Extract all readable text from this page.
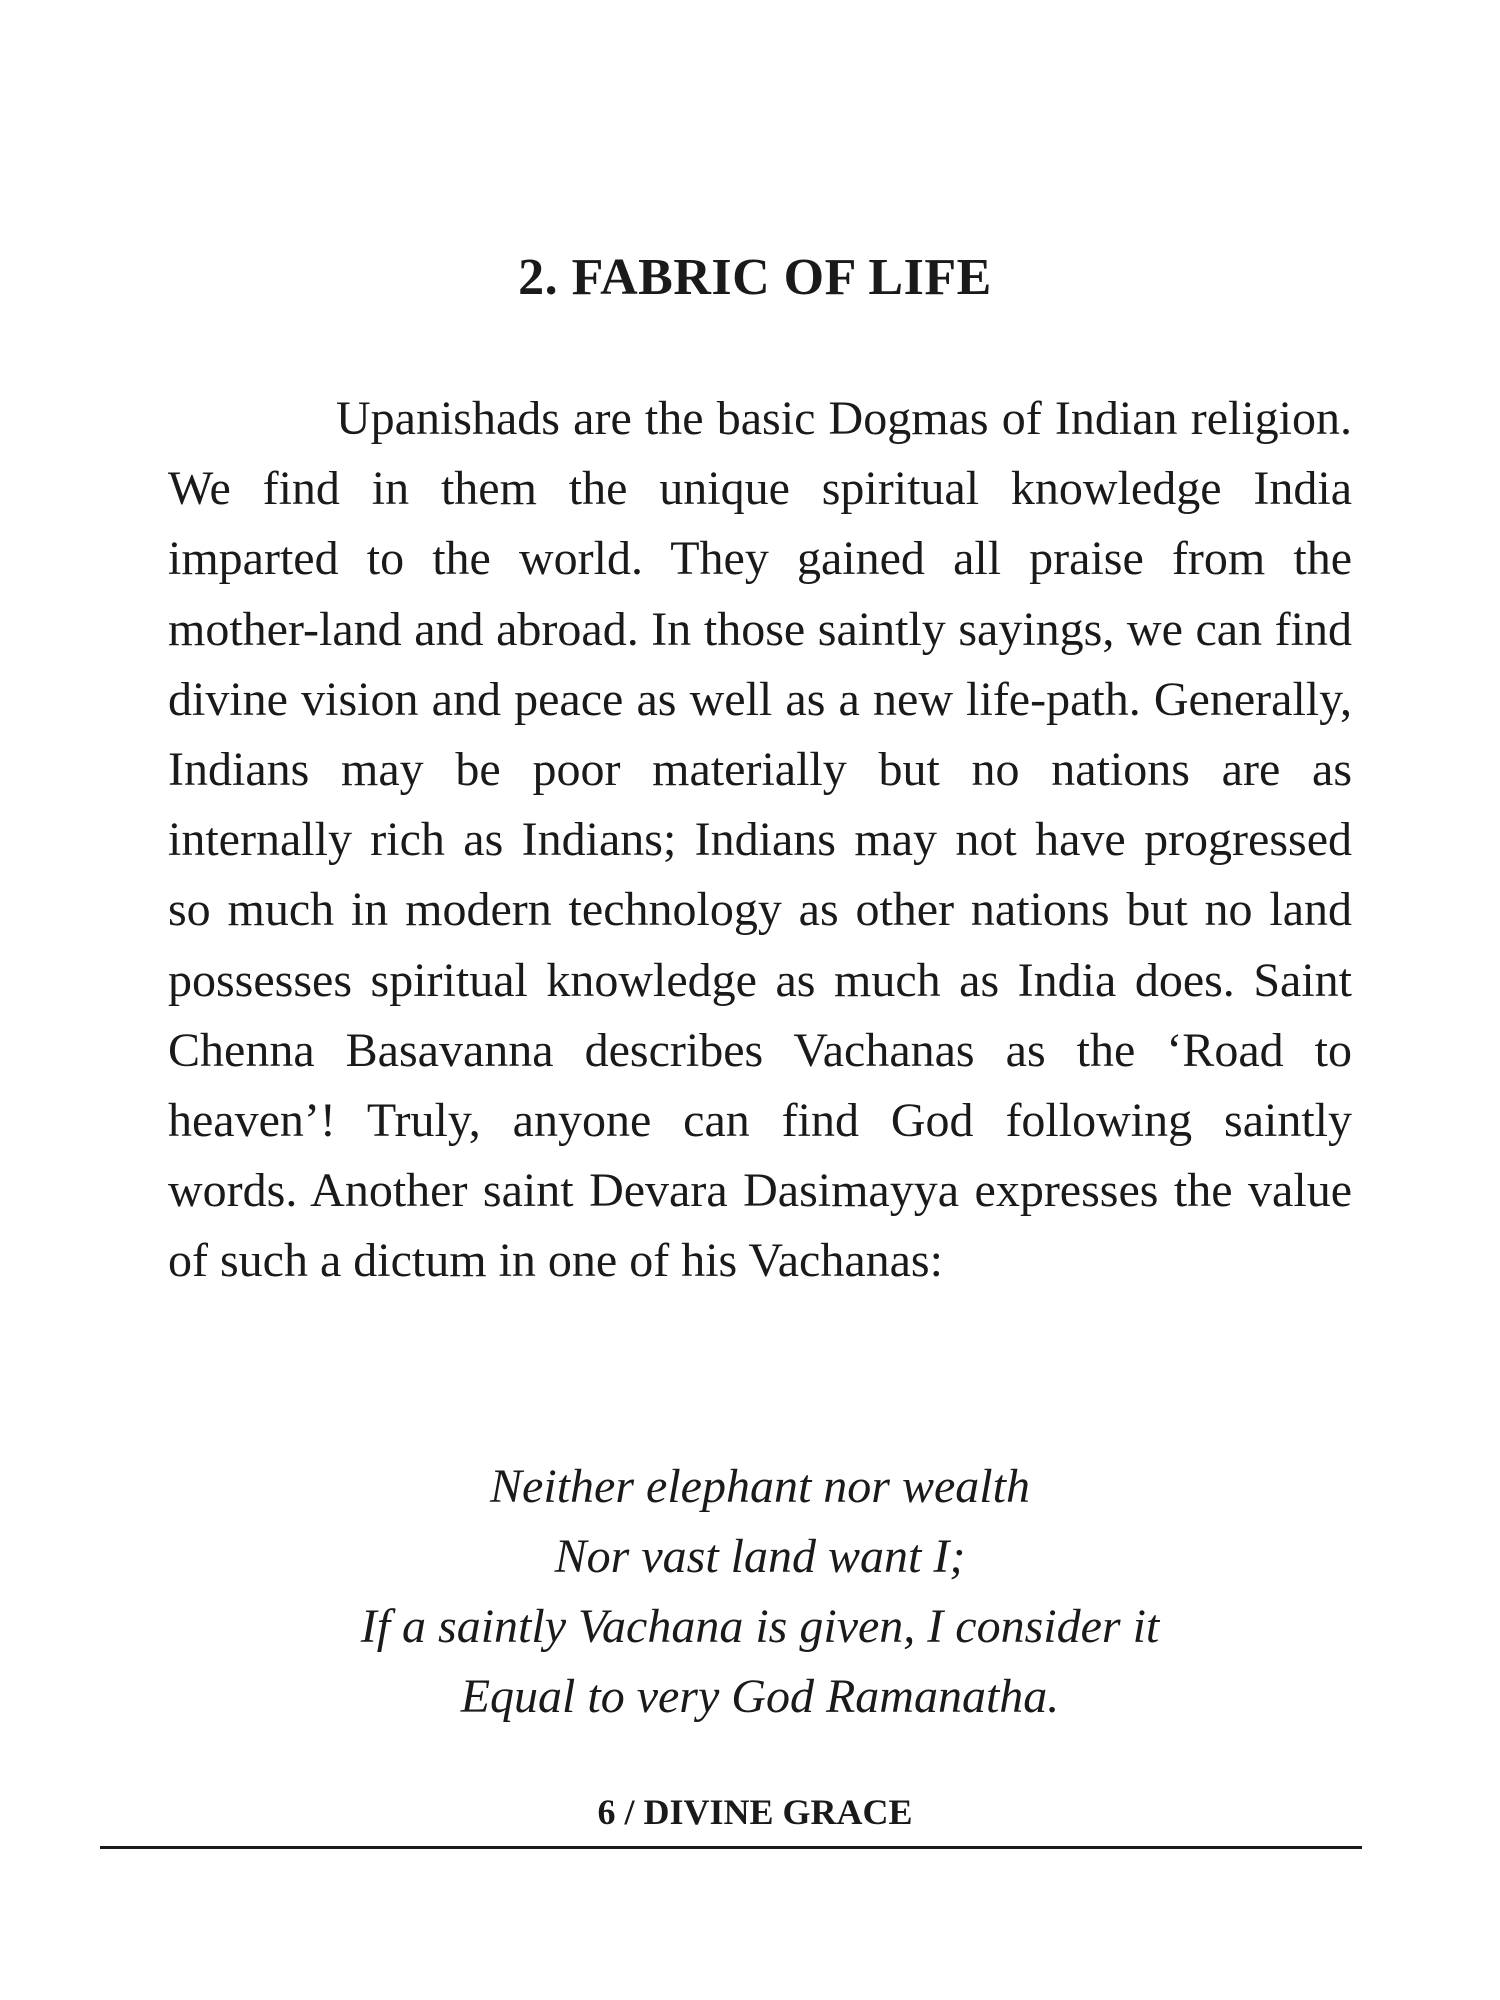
2. FABRIC OF LIFE

Upanishads are the basic Dogmas of Indian religion. We find in them the unique spiritual knowledge India imparted to the world. They gained all praise from the mother-land and abroad. In those saintly sayings, we can find divine vision and peace as well as a new life-path. Generally, Indians may be poor materially but no nations are as internally rich as Indians; Indians may not have progressed so much in modern technology as other nations but no land possesses spiritual knowledge as much as India does. Saint Chenna Basavanna describes Vachanas as the ‘Road to heaven’! Truly, anyone can find God following saintly words. Another saint Devara Dasimayya expresses the value of such a dictum in one of his Vachanas:

Neither elephant nor wealth
Nor vast land want I;
If a saintly Vachana is given, I consider it
Equal to very God Ramanatha.
6 / DIVINE GRACE
